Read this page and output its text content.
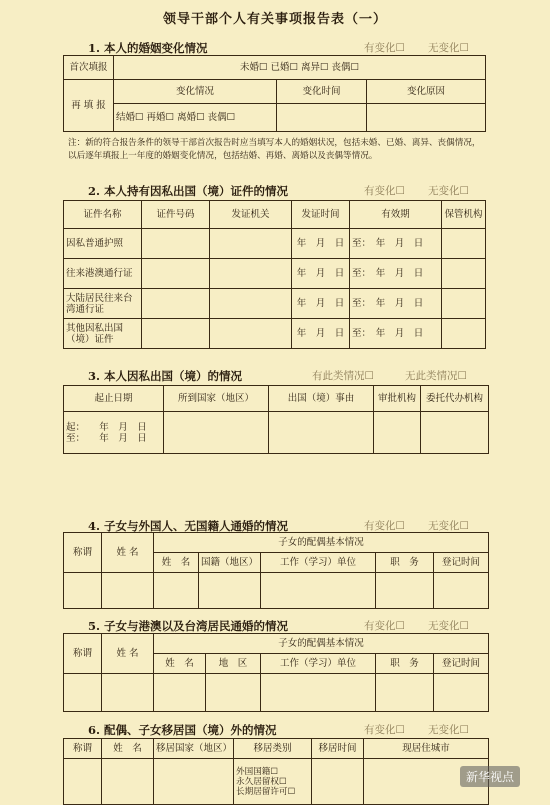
领导干部个人有关事项报告表（一）
1. 本人的婚姻变化情况	有变化☐ 无变化☐
首次填报	未婚☐ 已婚☐ 离异☐ 丧偶☐		
再 填 报	变化情况	变化时间	变化原因
	结婚☐ 再婚☐ 离婚☐ 丧偶☐		
注：新的符合报告条件的领导干部首次报告时应当填写本人的婚姻状况，包括未婚、已婚、离异、丧偶情况，以后逐年填报上一年度的婚姻变化情况，包括结婚、再婚、离婚以及丧偶等情况。
2. 本人持有因私出国（境）证件的情况	有变化☐ 无变化☐
证件名称	证件号码	发证机关	发证时间	有效期	保管机构
因私普通护照			年　月　日	至：　年　月　日	
往来港澳通行证			年　月　日	至：　年　月　日	
大陆居民往来台湾通行证			年　月　日	至：　年　月　日	
其他因私出国（境）证件			年　月　日	至：　年　月　日	
3. 本人因私出国（境）的情况	有此类情况☐	无此类情况☐
起止日期	所到国家（地区）	出国（境）事由	审批机构	委托代办机构

起：　　年　月　日
至：　　年　月　日				

4. 子女与外国人、无国籍人通婚的情况	有变化☐ 无变化☐
称谓	姓 名	子女的配偶基本情况				
		姓　名	国籍（地区）	工作（学习）单位	职　务	登记时间

5. 子女与港澳以及台湾居民通婚的情况	有变化☐ 无变化☐
称谓	姓 名	子女的配偶基本情况				
		姓　名	地　区	工作（学习）单位	职　务	登记时间

6. 配偶、子女移居国（境）外的情况	有变化☐ 无变化☐
称谓	姓　名	移居国家（地区）	移居类别	移居时间	现居住城市

			外国国籍☐
永久居留权☐
长期居留许可☐		

新华视点
